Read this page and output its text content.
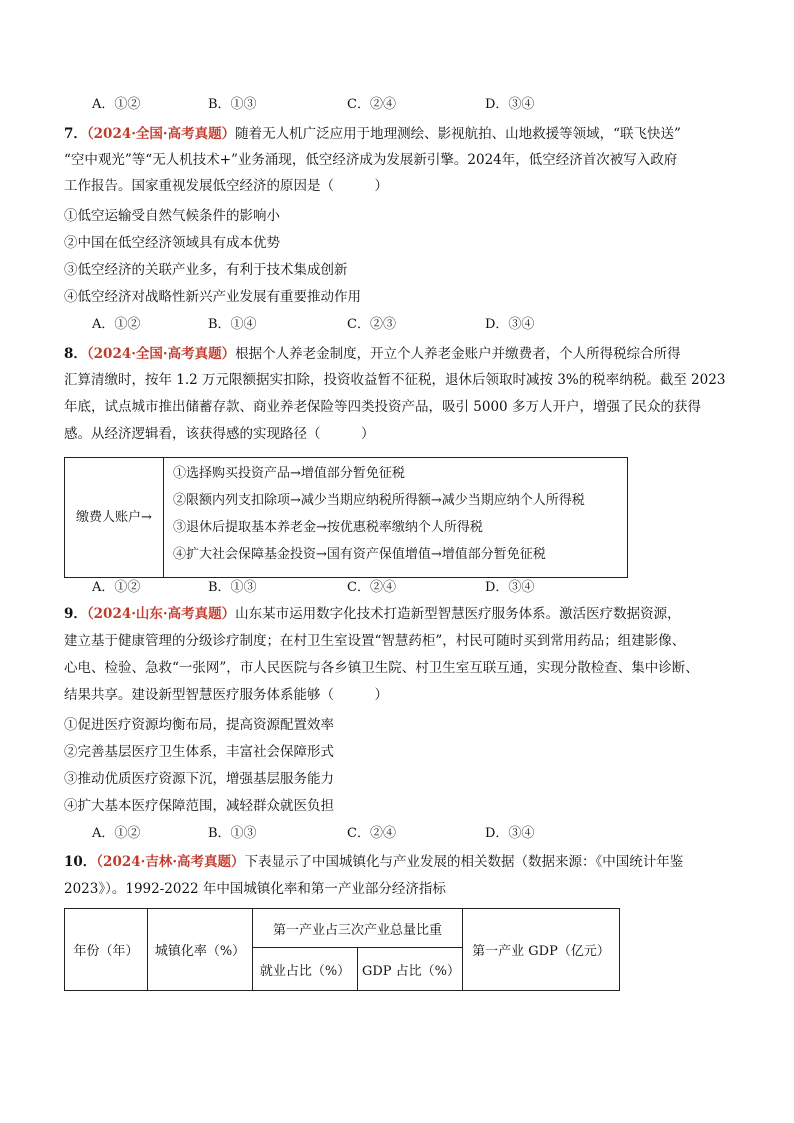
A．①②	B．①③	C．②④	D．③④
7．（2024·全国·高考真题）随着无人机广泛应用于地理测绘、影视航拍、山地救援等领域，“联飞快送”
“空中观光”等“无人机技术+”业务涌现，低空经济成为发展新引擎。2024年，低空经济首次被写入政府
工作报告。国家重视发展低空经济的原因是（　　　）
①低空运输受自然气候条件的影响小
②中国在低空经济领域具有成本优势
③低空经济的关联产业多，有利于技术集成创新
④低空经济对战略性新兴产业发展有重要推动作用
A．①②	B．①④	C．②③	D．③④
8．（2024·全国·高考真题）根据个人养老金制度，开立个人养老金账户并缴费者，个人所得税综合所得
汇算清缴时，按年 1.2 万元限额据实扣除，投资收益暂不征税，退休后领取时减按 3%的税率纳税。截至 2023
年底，试点城市推出储蓄存款、商业养老保险等四类投资产品，吸引 5000 多万人开户，增强了民众的获得
感。从经济逻辑看，该获得感的实现路径（　　　）
缴费人账户→
①选择购买投资产品→增值部分暂免征税
②限额内列支扣除项→减少当期应纳税所得额→减少当期应纳个人所得税
③退休后提取基本养老金→按优惠税率缴纳个人所得税
④扩大社会保障基金投资→国有资产保值增值→增值部分暂免征税
A．①②	B．①③	C．②④	D．③④
9．（2024·山东·高考真题）山东某市运用数字化技术打造新型智慧医疗服务体系。激活医疗数据资源，
建立基于健康管理的分级诊疗制度；在村卫生室设置“智慧药柜”，村民可随时买到常用药品；组建影像、
心电、检验、急救“一张网”，市人民医院与各乡镇卫生院、村卫生室互联互通，实现分散检查、集中诊断、
结果共享。建设新型智慧医疗服务体系能够（　　　）
①促进医疗资源均衡布局，提高资源配置效率
②完善基层医疗卫生体系，丰富社会保障形式
③推动优质医疗资源下沉，增强基层服务能力
④扩大基本医疗保障范围，减轻群众就医负担
A．①②	B．①③	C．②④	D．③④
10．（2024·吉林·高考真题）下表显示了中国城镇化与产业发展的相关数据（数据来源：《中国统计年鉴
2023》）。1992-2022 年中国城镇化率和第一产业部分经济指标
年份（年）	城镇化率（%）	第一产业占三次产业总量比重		第一产业 GDP（亿元）
		就业占比（%）	GDP 占比（%）	
